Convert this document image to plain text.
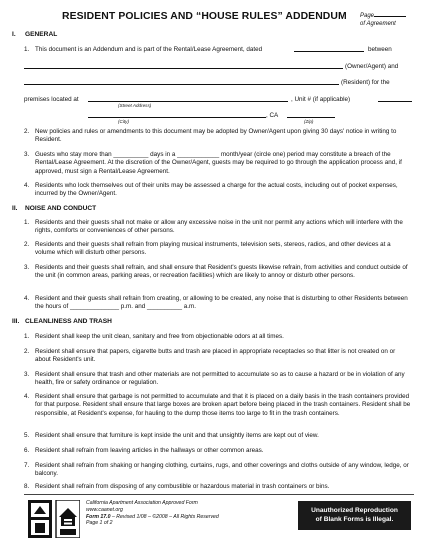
RESIDENT POLICIES AND “HOUSE RULES” ADDENDUM	Page
of Agreement
I. GENERAL
1. This document is an Addendum and is part of the Rental/Lease Agreement, dated	between
(Owner/Agent) and
(Resident) for the
premises located at	, Unit # (if applicable)
(Street Address)
, CA
(City)	(Zip)
2. New policies and rules or amendments to this document may be adopted by Owner/Agent upon giving 30 days' notice in writing to Resident.
3. Guests who stay more than __________ days in a ____________ month/year (circle one) period may constitute a breach of the Rental/Lease Agreement. At the discretion of the Owner/Agent, guests may be required to go through the application process and, if approved, must sign a Rental/Lease Agreement.
4. Residents who lock themselves out of their units may be assessed a charge for the actual costs, including out of pocket expenses, incurred by the Owner/Agent.
II. NOISE AND CONDUCT
1. Residents and their guests shall not make or allow any excessive noise in the unit nor permit any actions which will interfere with the rights, comforts or conveniences of other persons.
2. Residents and their guests shall refrain from playing musical instruments, television sets, stereos, radios, and other devices at a volume which will disturb other persons.
3. Residents and their guests shall refrain, and shall ensure that Resident's guests likewise refrain, from activities and conduct outside of the unit (in common areas, parking areas, or recreation facilities) which are likely to annoy or disturb other persons.
4. Resident and their guests shall refrain from creating, or allowing to be created, any noise that is disturbing to other Residents between the hours of ______________ p.m. and __________ a.m.
III. CLEANLINESS AND TRASH
1. Resident shall keep the unit clean, sanitary and free from objectionable odors at all times.
2. Resident shall ensure that papers, cigarette butts and trash are placed in appropriate receptacles so that litter is not created on or about Resident's unit.
3. Resident shall ensure that trash and other materials are not permitted to accumulate so as to cause a hazard or be in violation of any health, fire or safety ordinance or regulation.
4. Resident shall ensure that garbage is not permitted to accumulate and that it is placed on a daily basis in the trash containers provided for that purpose. Resident shall ensure that large boxes are broken apart before being placed in the trash containers. Resident shall be responsible, at Resident's expense, for hauling to the dump those items too large to fit in the trash containers.
5. Resident shall ensure that furniture is kept inside the unit and that unsightly items are kept out of view.
6. Resident shall refrain from leaving articles in the hallways or other common areas.
7. Resident shall refrain from shaking or hanging clothing, curtains, rugs, and other coverings and cloths outside of any window, ledge, or balcony.
8. Resident shall refrain from disposing of any combustible or hazardous material in trash containers or bins.
California Apartment Association Approved Form
www.caanet.org
Form 17.0 – Revised 1/08 – ©2008 – All Rights Reserved
Page 1 of 2
Unauthorized Reproduction
of Blank Forms is Illegal.
